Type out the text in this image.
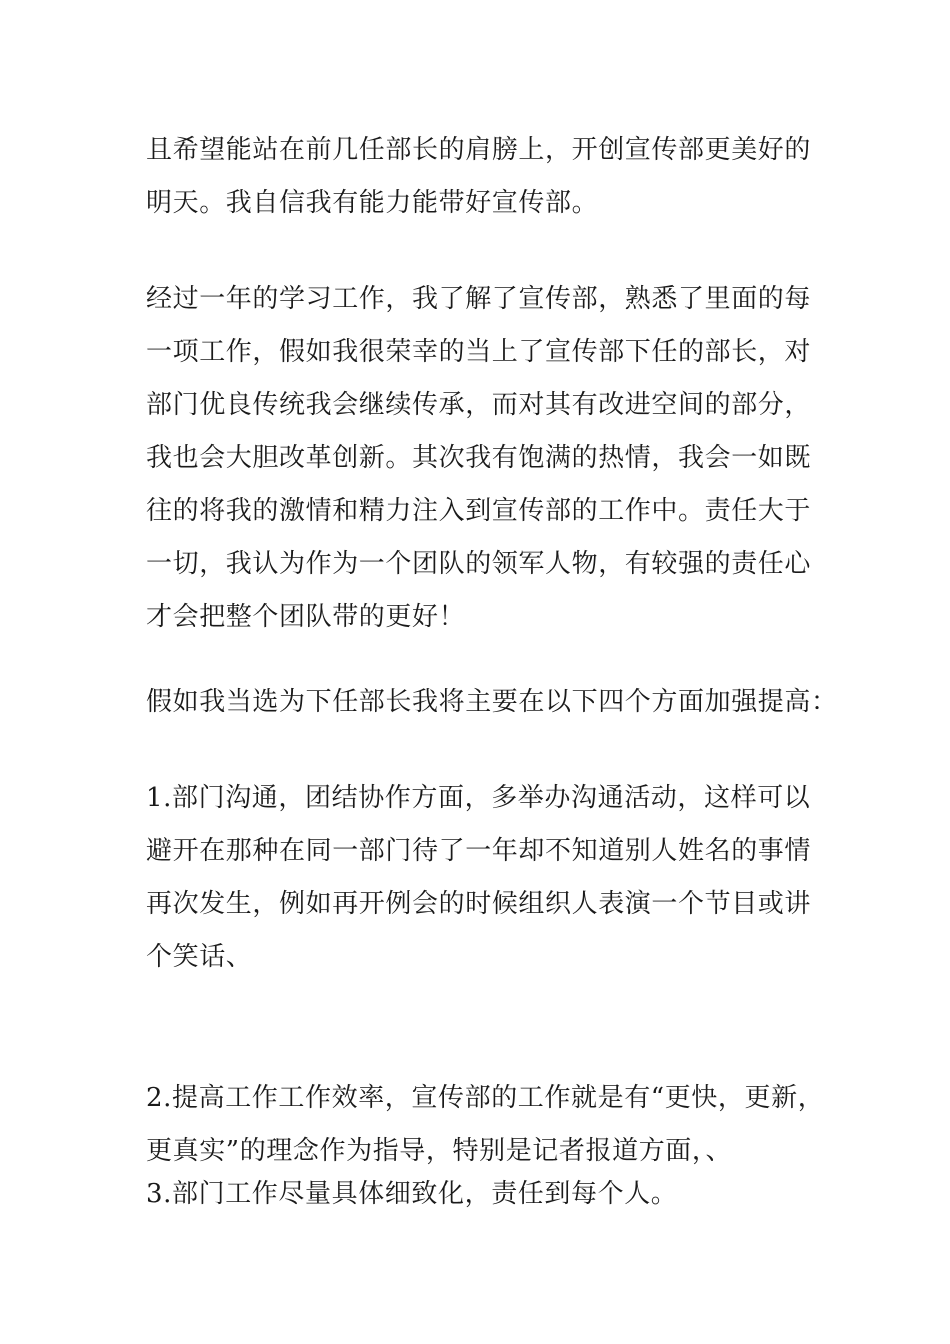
且希望能站在前几任部长的肩膀上，开创宣传部更美好的
明天。我自信我有能力能带好宣传部。
经过一年的学习工作，我了解了宣传部，熟悉了里面的每
一项工作，假如我很荣幸的当上了宣传部下任的部长，对
部门优良传统我会继续传承，而对其有改进空间的部分，
我也会大胆改革创新。其次我有饱满的热情，我会一如既
往的将我的激情和精力注入到宣传部的工作中。责任大于
一切，我认为作为一个团队的领军人物，有较强的责任心
才会把整个团队带的更好！
假如我当选为下任部长我将主要在以下四个方面加强提高：
1.部门沟通，团结协作方面，多举办沟通活动，这样可以
避开在那种在同一部门待了一年却不知道别人姓名的事情
再次发生，例如再开例会的时候组织人表演一个节目或讲
个笑话、
2.提高工作工作效率，宣传部的工作就是有“更快，更新，
更真实”的理念作为指导，特别是记者报道方面，、
3.部门工作尽量具体细致化，责任到每个人。
